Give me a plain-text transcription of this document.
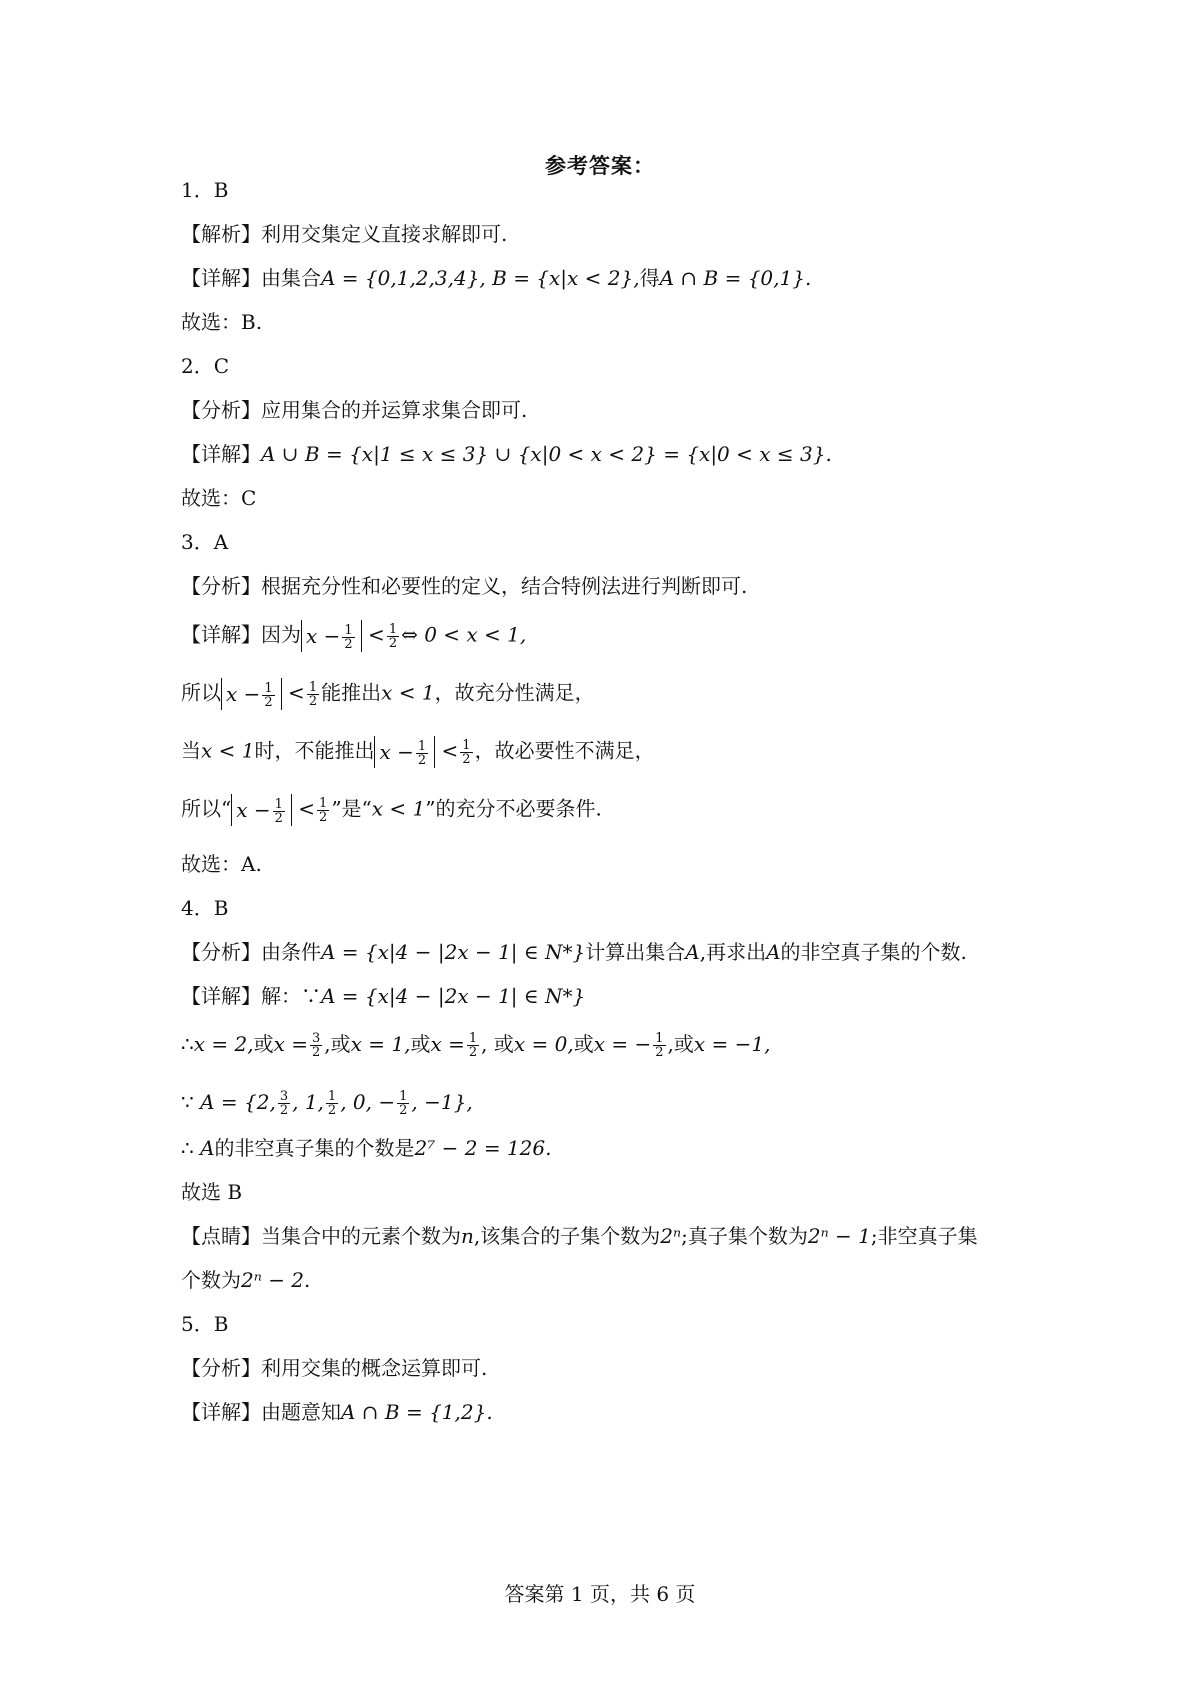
参考答案：
1．B
【解析】利用交集定义直接求解即可.
【详解】由集合A = {0,1,2,3,4}, B = {x|x < 2},得A ∩ B = {0,1}.
故选：B.
2．C
【分析】应用集合的并运算求集合即可.
【详解】A ∪ B = {x|1 ≤ x ≤ 3} ∪ {x|0 < x < 2} = {x|0 < x ≤ 3}.
故选：C
3．A
【分析】根据充分性和必要性的定义，结合特例法进行判断即可.
【详解】因为 $x - \frac{1}{2} < \frac{1}{2}$ ⇔ 0 < x < 1,
所以 $x - \frac{1}{2} < \frac{1}{2}$ 能推出x < 1，故充分性满足，
当x < 1时，不能推出 $x - \frac{1}{2} < \frac{1}{2}$ ，故必要性不满足，
所以“ $x - \frac{1}{2} < \frac{1}{2}$ ”是“x < 1”的充分不必要条件.
故选：A.
4．B
【分析】由条件A = {x|4 − |2x − 1| ∈ N*}计算出集合A,再求出A的非空真子集的个数.
【详解】解：∵A = {x|4 − |2x − 1| ∈ N*}
∴x = 2,或$x = \frac{3}{2}$ ,或x = 1,或$x = \frac{1}{2}$ , 或x = 0,或x = − $\frac{1}{2}$ ,或x = −1,
∵ A = {2, $\frac{3}{2}$ , 1, $\frac{1}{2}$ , 0, − $\frac{1}{2}$ , −1},
∴ A的非空真子集的个数是2⁷ − 2 = 126.
故选 B
【点睛】当集合中的元素个数为n,该集合的子集个数为2ⁿ;真子集个数为2ⁿ − 1;非空真子集
个数为2ⁿ − 2.
5．B
【分析】利用交集的概念运算即可.
【详解】由题意知A ∩ B = {1,2}.
答案第 1 页，共 6 页
